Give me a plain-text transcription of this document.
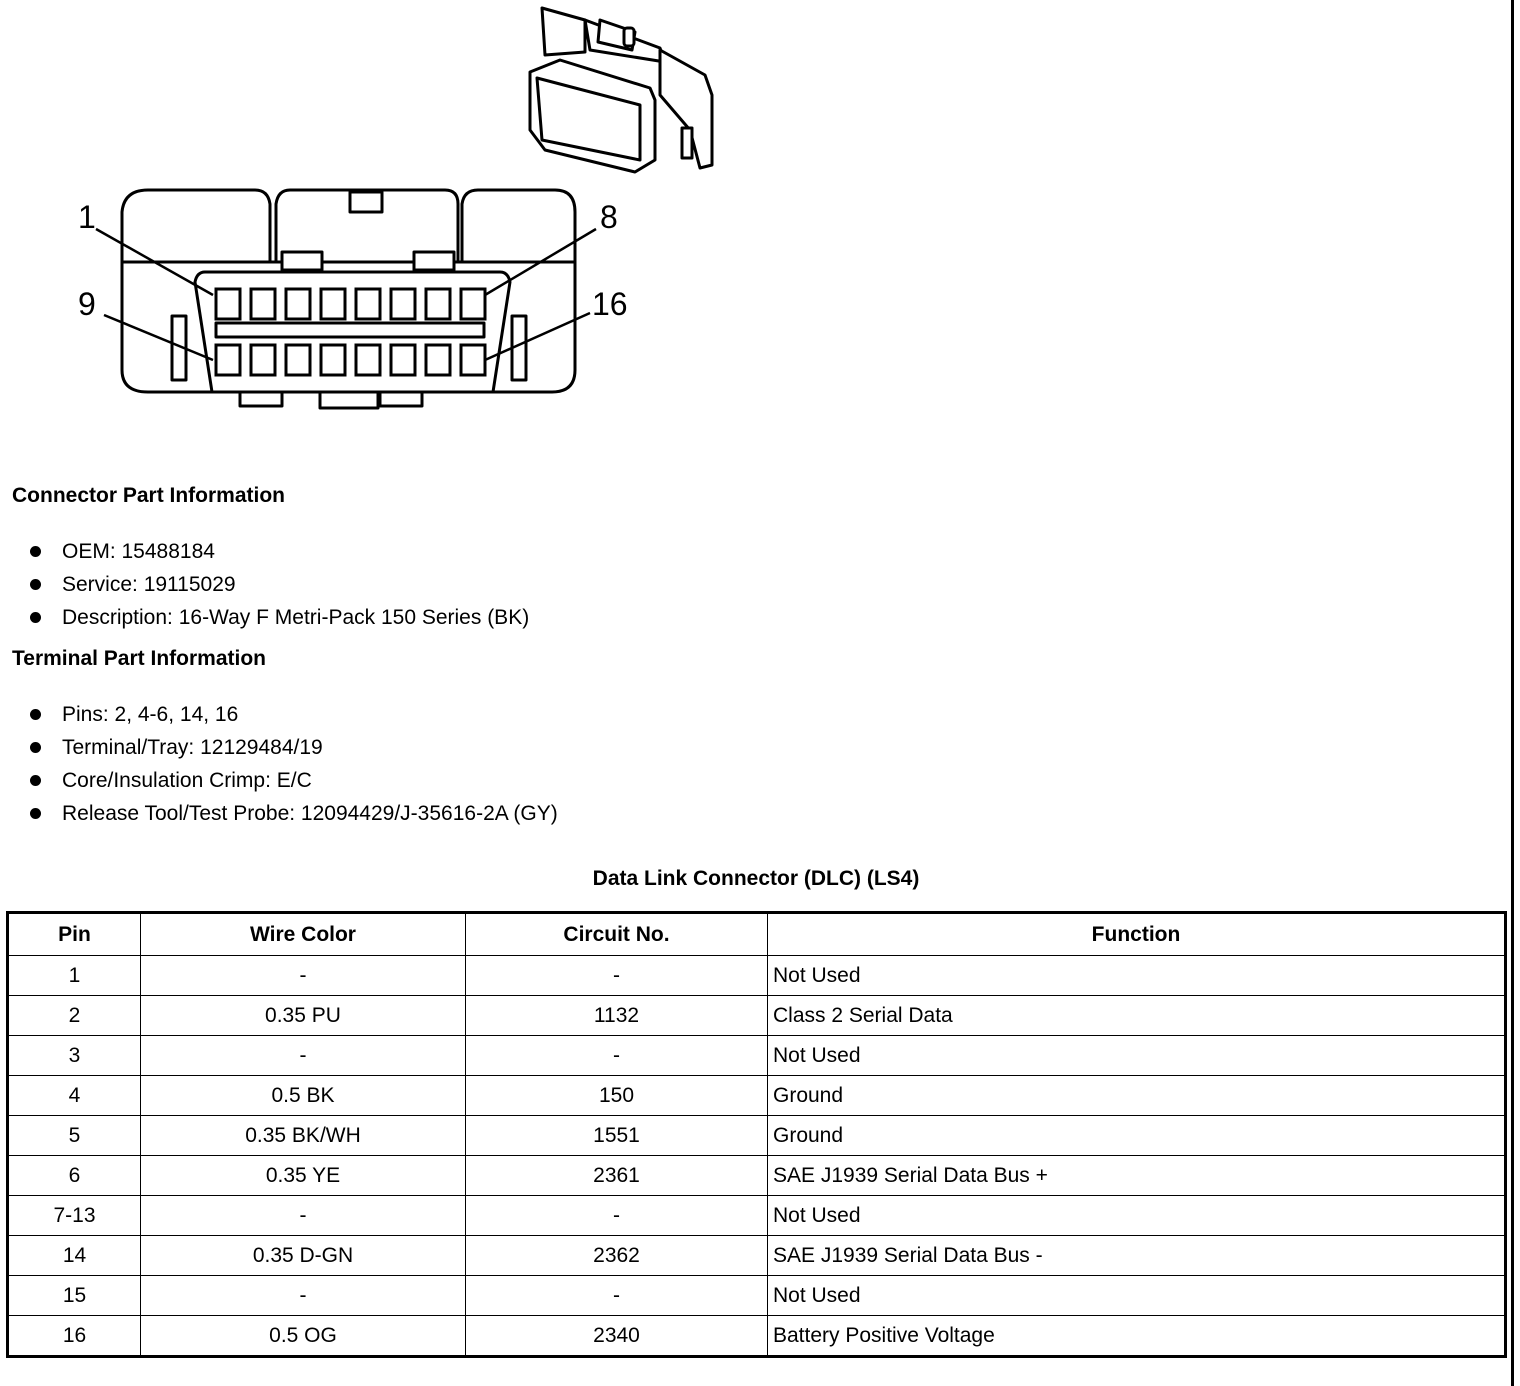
1	8
9	16
Connector Part Information
OEM: 15488184
Service: 19115029
Description: 16-Way F Metri-Pack 150 Series (BK)
Terminal Part Information
Pins: 2, 4-6, 14, 16
Terminal/Tray: 12129484/19
Core/Insulation Crimp: E/C
Release Tool/Test Probe: 12094429/J-35616-2A (GY)
Data Link Connector (DLC) (LS4)
Pin	Wire Color	Circuit No.	Function
1	-	-	Not Used
2	0.35 PU	1132	Class 2 Serial Data
3	-	-	Not Used
4	0.5 BK	150	Ground
5	0.35 BK/WH	1551	Ground
6	0.35 YE	2361	SAE J1939 Serial Data Bus +
7-13	-	-	Not Used
14	0.35 D-GN	2362	SAE J1939 Serial Data Bus -
15	-	-	Not Used
16	0.5 OG	2340	Battery Positive Voltage
